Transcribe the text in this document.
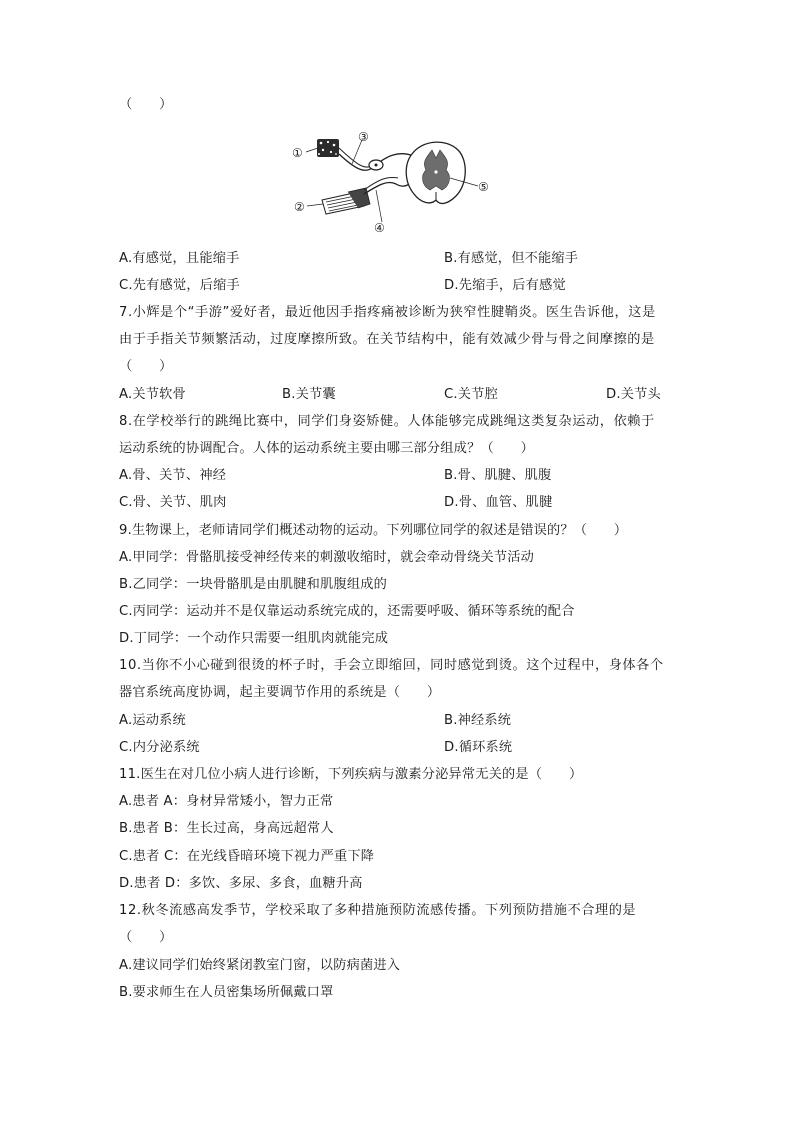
（　　）
①
②
③
④
⑤
A.有感觉，且能缩手	B.有感觉，但不能缩手
C.先有感觉，后缩手	D.先缩手，后有感觉
7.小辉是个“手游”爱好者，最近他因手指疼痛被诊断为狭窄性腱鞘炎。医生告诉他，这是
由于手指关节频繁活动，过度摩擦所致。在关节结构中，能有效减少骨与骨之间摩擦的是
（　　）
A.关节软骨	B.关节囊	C.关节腔	D.关节头
8.在学校举行的跳绳比赛中，同学们身姿矫健。人体能够完成跳绳这类复杂运动，依赖于
运动系统的协调配合。人体的运动系统主要由哪三部分组成？（　　）
A.骨、关节、神经	B.骨、肌腱、肌腹
C.骨、关节、肌肉	D.骨、血管、肌腱
9.生物课上，老师请同学们概述动物的运动。下列哪位同学的叙述是错误的？（　　）
A.甲同学：骨骼肌接受神经传来的刺激收缩时，就会牵动骨绕关节活动
B.乙同学：一块骨骼肌是由肌腱和肌腹组成的
C.丙同学：运动并不是仅靠运动系统完成的，还需要呼吸、循环等系统的配合
D.丁同学：一个动作只需要一组肌肉就能完成
10.当你不小心碰到很烫的杯子时，手会立即缩回，同时感觉到烫。这个过程中，身体各个
器官系统高度协调，起主要调节作用的系统是（　　）
A.运动系统	B.神经系统
C.内分泌系统	D.循环系统
11.医生在对几位小病人进行诊断，下列疾病与激素分泌异常无关的是（　　）
A.患者 A：身材异常矮小，智力正常
B.患者 B：生长过高，身高远超常人
C.患者 C：在光线昏暗环境下视力严重下降
D.患者 D：多饮、多尿、多食，血糖升高
12.秋冬流感高发季节，学校采取了多种措施预防流感传播。下列预防措施不合理的是
（　　）
A.建议同学们始终紧闭教室门窗，以防病菌进入
B.要求师生在人员密集场所佩戴口罩
